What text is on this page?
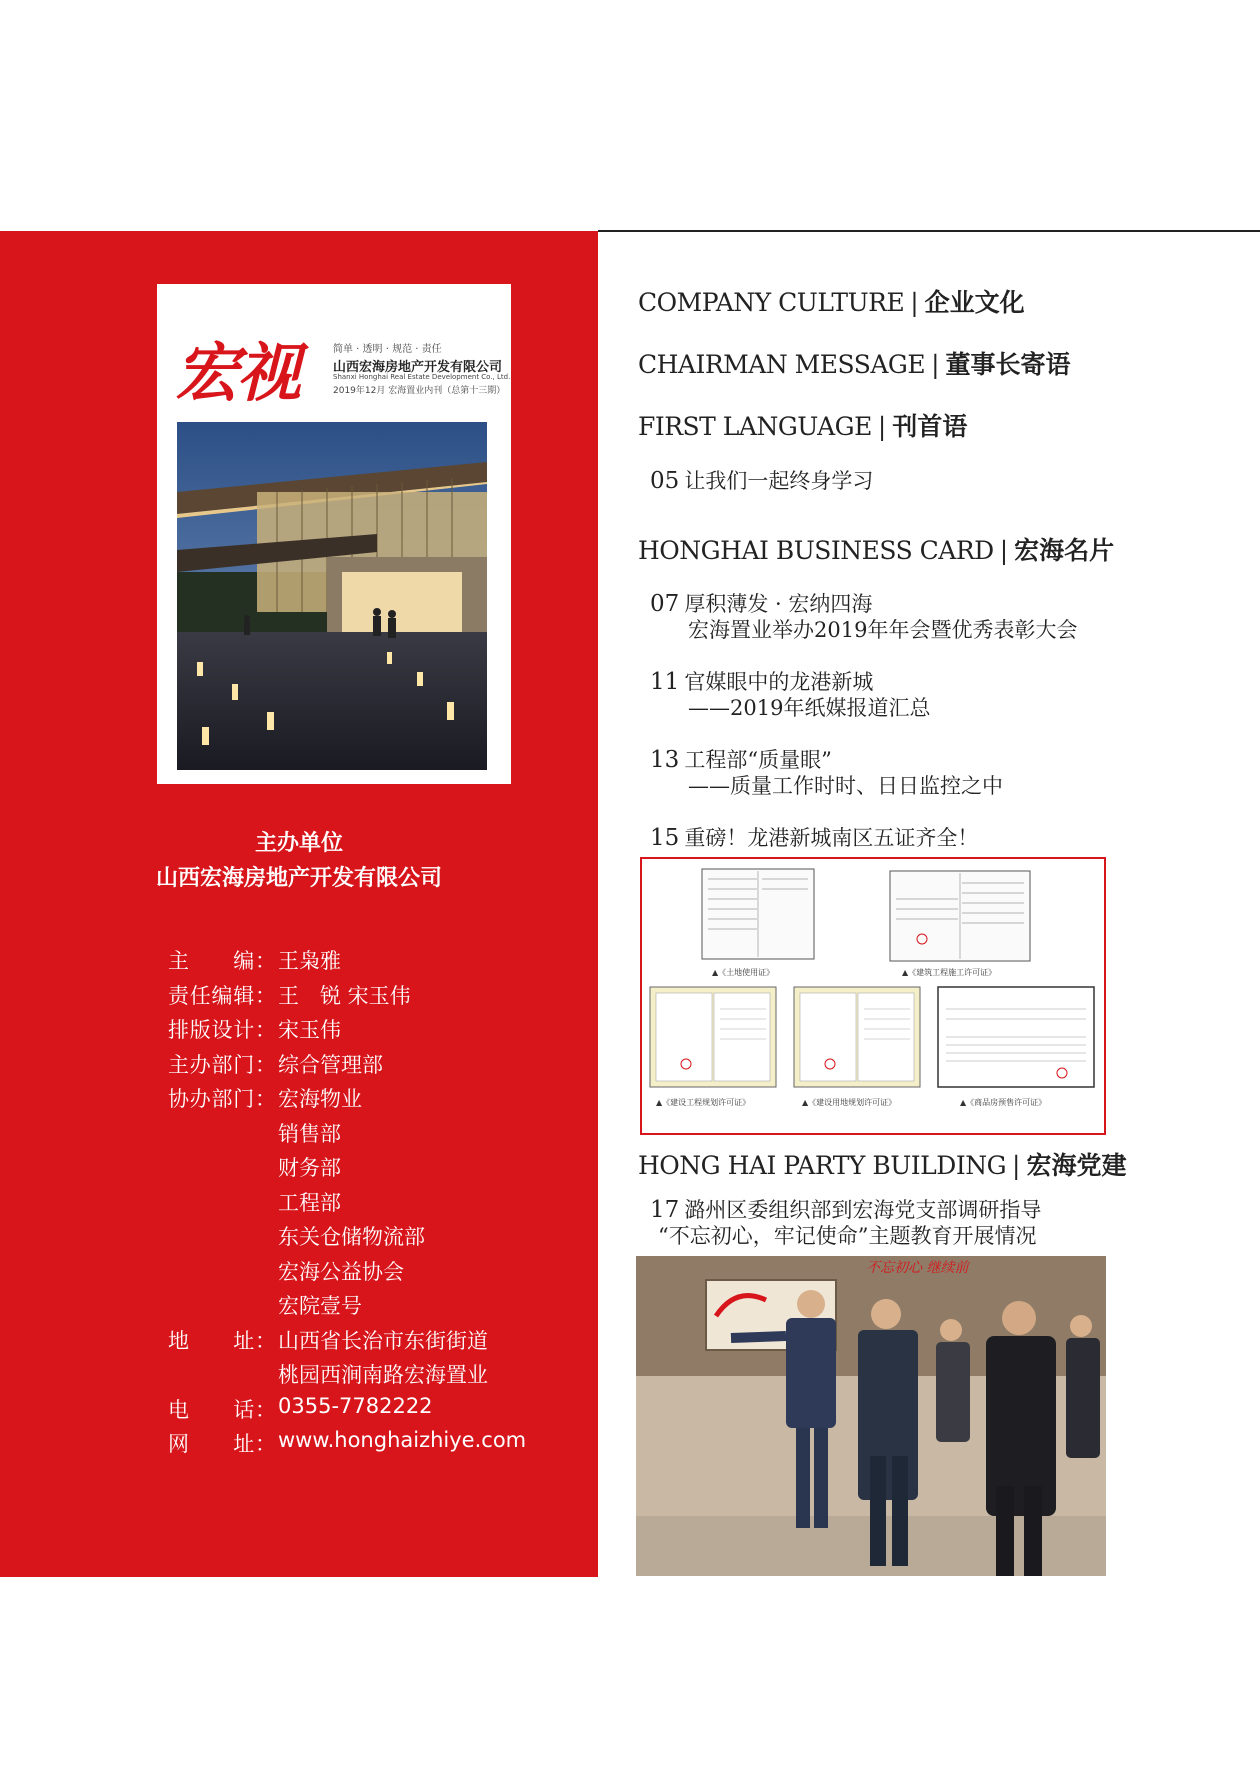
宏视	简单 · 透明 · 规范 · 责任
山西宏海房地产开发有限公司
Shanxi Honghai Real Estate Development Co., Ltd.
2019年12月 宏海置业内刊（总第十三期）
主办单位
山西宏海房地产开发有限公司
主　　编： 王枭雅
责任编辑： 王　锐 宋玉伟
排版设计： 宋玉伟
主办部门： 综合管理部
协办部门： 宏海物业
销售部
财务部
工程部
东关仓储物流部
宏海公益协会
宏院壹号
地　　址： 山西省长治市东街街道
桃园西涧南路宏海置业
电　　话： 0355-7782222
网　　址： www.honghaizhiye.com
COMPANY CULTURE | 企业文化
CHAIRMAN MESSAGE | 董事长寄语
FIRST LANGUAGE | 刊首语
05 让我们一起终身学习
HONGHAI BUSINESS CARD | 宏海名片
07 厚积薄发 · 宏纳四海
宏海置业举办2019年年会暨优秀表彰大会
11 官媒眼中的龙港新城
——2019年纸媒报道汇总
13 工程部“质量眼”
——质量工作时时、日日监控之中
15 重磅！龙港新城南区五证齐全！
▲《土地使用证》	▲《建筑工程施工许可证》
▲《建设工程规划许可证》	▲《建设用地规划许可证》	▲《商品房预售许可证》
HONG HAI PARTY BUILDING | 宏海党建
17 潞州区委组织部到宏海党支部调研指导
“不忘初心，牢记使命”主题教育开展情况
不忘初心 继续前
